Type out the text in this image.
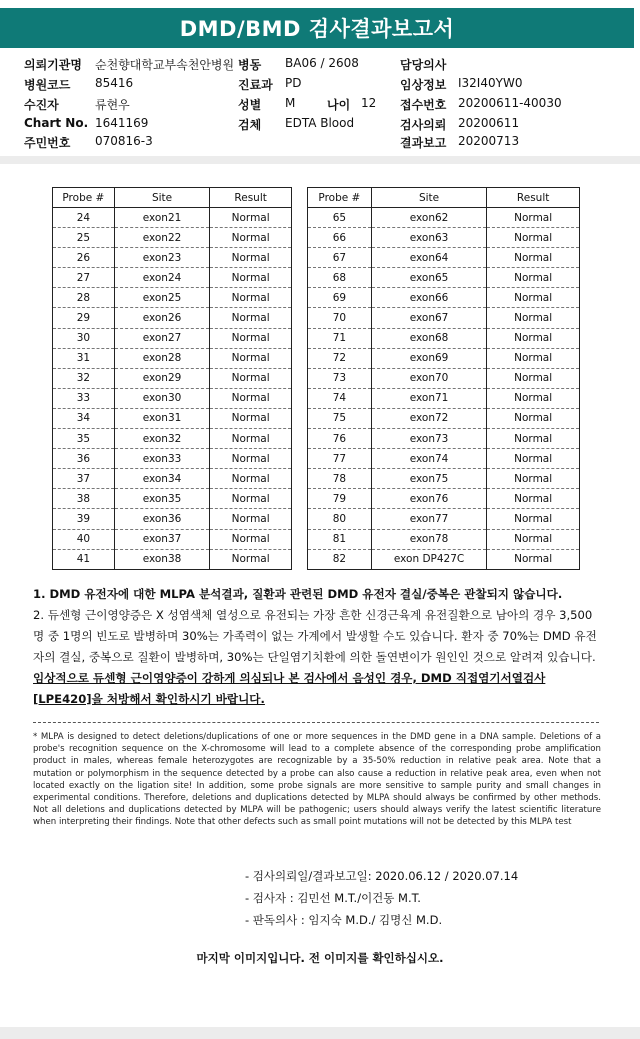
DMD/BMD 검사결과보고서
의뢰기관명 순천향대학교부속천안병원 병동 BA06 / 2608	담당의사
병원코드 85416	진료과 PD	임상정보 I32I40YW0
수진자	류현우	성별 M	나이 12 접수번호 20200611-40030
Chart No. 1641169	검체 EDTA Blood	검사의뢰 20200611
주민번호 070816-3	결과보고 20200713
Probe #	Site	Result
24	exon21	Normal
25	exon22	Normal
26	exon23	Normal
27	exon24	Normal
28	exon25	Normal
29	exon26	Normal
30	exon27	Normal
31	exon28	Normal
32	exon29	Normal
33	exon30	Normal
34	exon31	Normal
35	exon32	Normal
36	exon33	Normal
37	exon34	Normal
38	exon35	Normal
39	exon36	Normal
40	exon37	Normal
41	exon38	Normal
Probe #	Site	Result
65	exon62	Normal
66	exon63	Normal
67	exon64	Normal
68	exon65	Normal
69	exon66	Normal
70	exon67	Normal
71	exon68	Normal
72	exon69	Normal
73	exon70	Normal
74	exon71	Normal
75	exon72	Normal
76	exon73	Normal
77	exon74	Normal
78	exon75	Normal
79	exon76	Normal
80	exon77	Normal
81	exon78	Normal
82	exon DP427C	Normal

1. DMD 유전자에 대한 MLPA 분석결과, 질환과 관련된 DMD 유전자 결실/중복은 관찰되지 않습니다.

2. 듀센형 근이영양증은 X 성염색체 열성으로 유전되는 가장 흔한 신경근육계 유전질환으로 남아의 경우 3,500명 중 1명의 빈도로 발병하며 30%는 가족력이 없는 가계에서 발생할 수도 있습니다. 환자 중 70%는 DMD 유전자의 결실, 중복으로 질환이 발병하며, 30%는 단일염기치환에 의한 돌연변이가 원인인 것으로 알려져 있습니다. 임상적으로 듀센형 근이영양증이 강하게 의심되나 본 검사에서 음성인 경우, DMD 직접염기서열검사 [LPE420]을 처방해서 확인하시기 바랍니다.

* MLPA is designed to detect deletions/duplications of one or more sequences in the DMD gene in a DNA sample. Deletions of a probe's recognition sequence on the X-chromosome will lead to a complete absence of the corresponding probe amplification product in males, whereas female heterozygotes are recognizable by a 35-50% reduction in relative peak area. Note that a mutation or polymorphism in the sequence detected by a probe can also cause a reduction in relative peak area, even when not located exactly on the ligation site! In addition, some probe signals are more sensitive to sample purity and small changes in experimental conditions. Therefore, deletions and duplications detected by MLPA should always be confirmed by other methods. Not all deletions and duplications detected by MLPA will be pathogenic; users should always verify the latest scientific literature when interpreting their findings. Note that other defects such as small point mutations will not be detected by this MLPA test
- 검사의뢰일/결과보고일: 2020.06.12 / 2020.07.14
- 검사자 : 김민선 M.T./이건동 M.T.
- 판독의사 : 임지숙 M.D./ 김명신 M.D.
마지막 이미지입니다. 전 이미지를 확인하십시오.
